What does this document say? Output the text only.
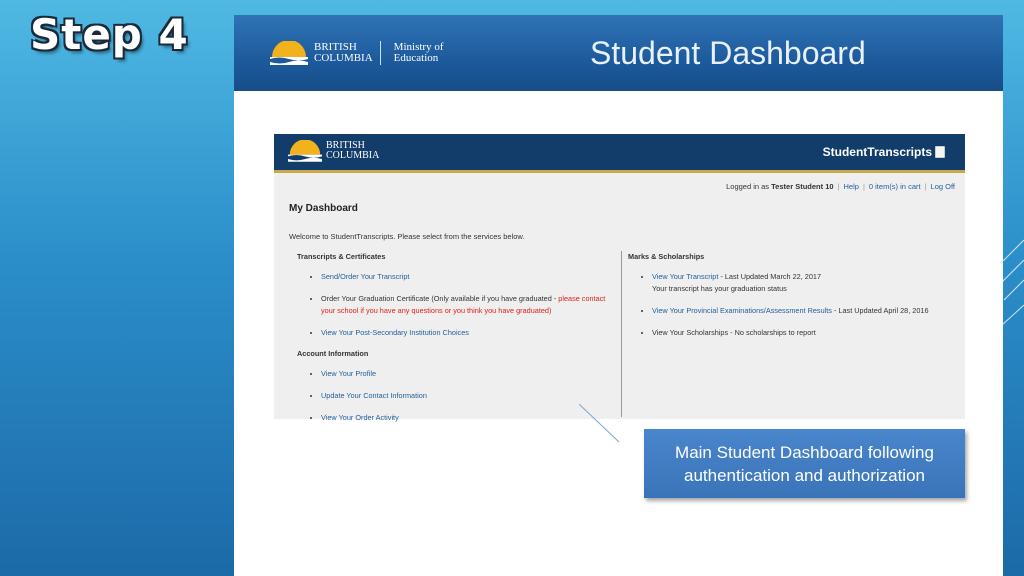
Step 4	BRITISH
COLUMBIA
Ministry of
Education	Student Dashboard
BRITISH
COLUMBIA	StudentTranscripts
Logged in as Tester Student 10 | Help | 0 item(s) in cart | Log Off
My Dashboard
Welcome to StudentTranscripts. Please select from the services below.
Transcripts & Certificates
• Send/Order Your Transcript
• Order Your Graduation Certificate (Only available if you have graduated - please contact your school if you have any questions or you think you have graduated)
• View Your Post-Secondary Institution Choices
Account Information
• View Your Profile
• Update Your Contact Information
• View Your Order Activity
Marks & Scholarships
• View Your Transcript - Last Updated March 22, 2017
Your transcript has your graduation status
• View Your Provincial Examinations/Assessment Results - Last Updated April 28, 2016
• View Your Scholarships - No scholarships to report
Main Student Dashboard following authentication and authorization
